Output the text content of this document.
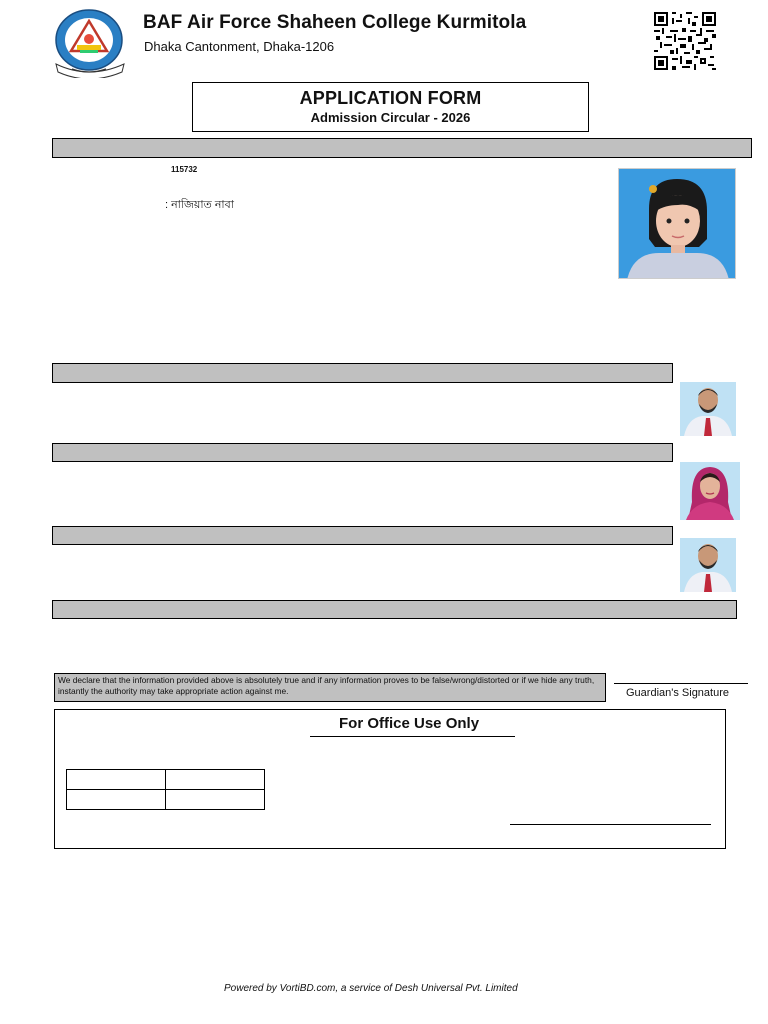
BAF Air Force Shaheen College Kurmitola
Dhaka Cantonment, Dhaka-1206
APPLICATION FORM
Admission Circular - 2026
115732
: নাজিয়াত নাবা
We declare that the information provided above is absolutely true and if any information proves to be false/wrong/distorted or if we hide any truth, instantly the authority may take appropriate action against me.	Guardian's Signature
For Office Use Only

Powered by VortiBD.com, a service of Desh Universal Pvt. Limited
